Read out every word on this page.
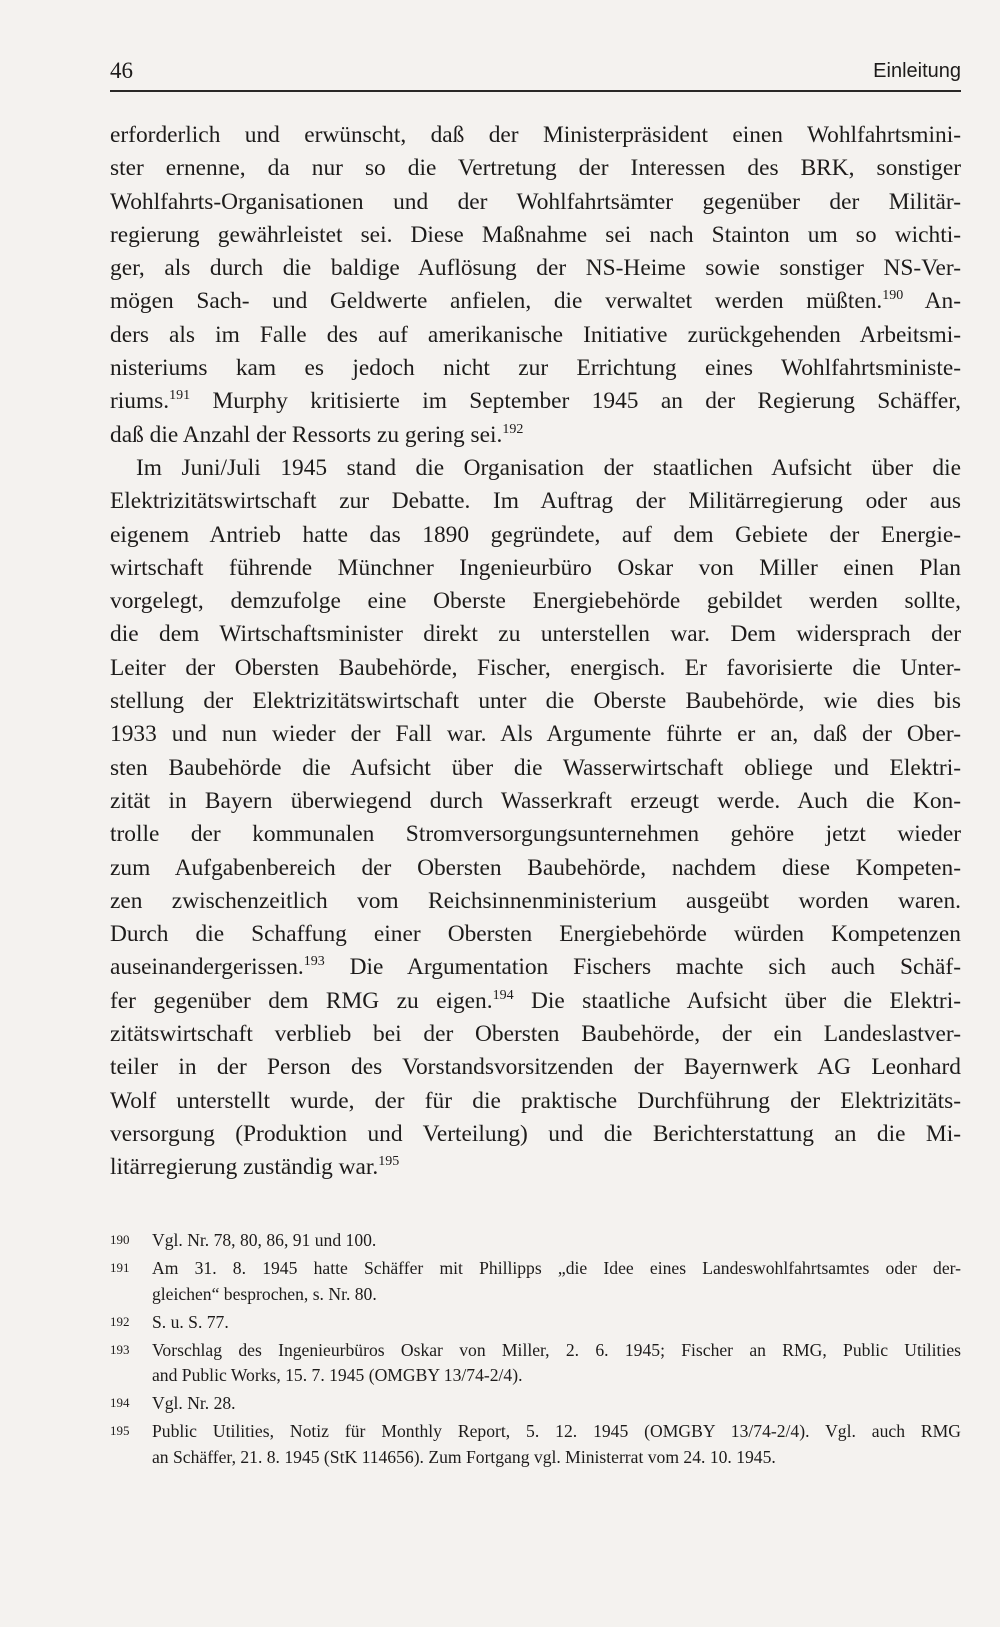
46	Einleitung

erforderlich und erwünscht, daß der Ministerpräsident einen Wohlfahrtsmini-
ster ernenne, da nur so die Vertretung der Interessen des BRK, sonstiger
Wohlfahrts-Organisationen und der Wohlfahrtsämter gegenüber der Militär-
regierung gewährleistet sei. Diese Maßnahme sei nach Stainton um so wichti-
ger, als durch die baldige Auflösung der NS-Heime sowie sonstiger NS-Ver-
mögen Sach- und Geldwerte anfielen, die verwaltet werden müßten.$^{190}$ An-
ders als im Falle des auf amerikanische Initiative zurückgehenden Arbeitsmi-
nisteriums kam es jedoch nicht zur Errichtung eines Wohlfahrtsministe-
riums.$^{191}$ Murphy kritisierte im September 1945 an der Regierung Schäffer,
daß die Anzahl der Ressorts zu gering sei.$^{192}$

Im Juni/Juli 1945 stand die Organisation der staatlichen Aufsicht über die
Elektrizitätswirtschaft zur Debatte. Im Auftrag der Militärregierung oder aus
eigenem Antrieb hatte das 1890 gegründete, auf dem Gebiete der Energie-
wirtschaft führende Münchner Ingenieurbüro Oskar von Miller einen Plan
vorgelegt, demzufolge eine Oberste Energiebehörde gebildet werden sollte,
die dem Wirtschaftsminister direkt zu unterstellen war. Dem widersprach der
Leiter der Obersten Baubehörde, Fischer, energisch. Er favorisierte die Unter-
stellung der Elektrizitätswirtschaft unter die Oberste Baubehörde, wie dies bis
1933 und nun wieder der Fall war. Als Argumente führte er an, daß der Ober-
sten Baubehörde die Aufsicht über die Wasserwirtschaft obliege und Elektri-
zität in Bayern überwiegend durch Wasserkraft erzeugt werde. Auch die Kon-
trolle der kommunalen Stromversorgungsunternehmen gehöre jetzt wieder
zum Aufgabenbereich der Obersten Baubehörde, nachdem diese Kompeten-
zen zwischenzeitlich vom Reichsinnenministerium ausgeübt worden waren.
Durch die Schaffung einer Obersten Energiebehörde würden Kompetenzen
auseinandergerissen.$^{193}$ Die Argumentation Fischers machte sich auch Schäf-
fer gegenüber dem RMG zu eigen.$^{194}$ Die staatliche Aufsicht über die Elektri-
zitätswirtschaft verblieb bei der Obersten Baubehörde, der ein Landeslastver-
teiler in der Person des Vorstandsvorsitzenden der Bayernwerk AG Leonhard
Wolf unterstellt wurde, der für die praktische Durchführung der Elektrizitäts-
versorgung (Produktion und Verteilung) und die Berichterstattung an die Mi-
litärregierung zuständig war.$^{195}$

190	Vgl. Nr. 78, 80, 86, 91 und 100.
191	Am 31. 8. 1945 hatte Schäffer mit Phillipps „die Idee eines Landeswohlfahrtsamtes oder der-
gleichen“ besprochen, s. Nr. 80.
192	S. u. S. 77.
193	Vorschlag des Ingenieurbüros Oskar von Miller, 2. 6. 1945; Fischer an RMG, Public Utilities
and Public Works, 15. 7. 1945 (OMGBY 13/74-2/4).
194	Vgl. Nr. 28.
195	Public Utilities, Notiz für Monthly Report, 5. 12. 1945 (OMGBY 13/74-2/4). Vgl. auch RMG
an Schäffer, 21. 8. 1945 (StK 114656). Zum Fortgang vgl. Ministerrat vom 24. 10. 1945.
